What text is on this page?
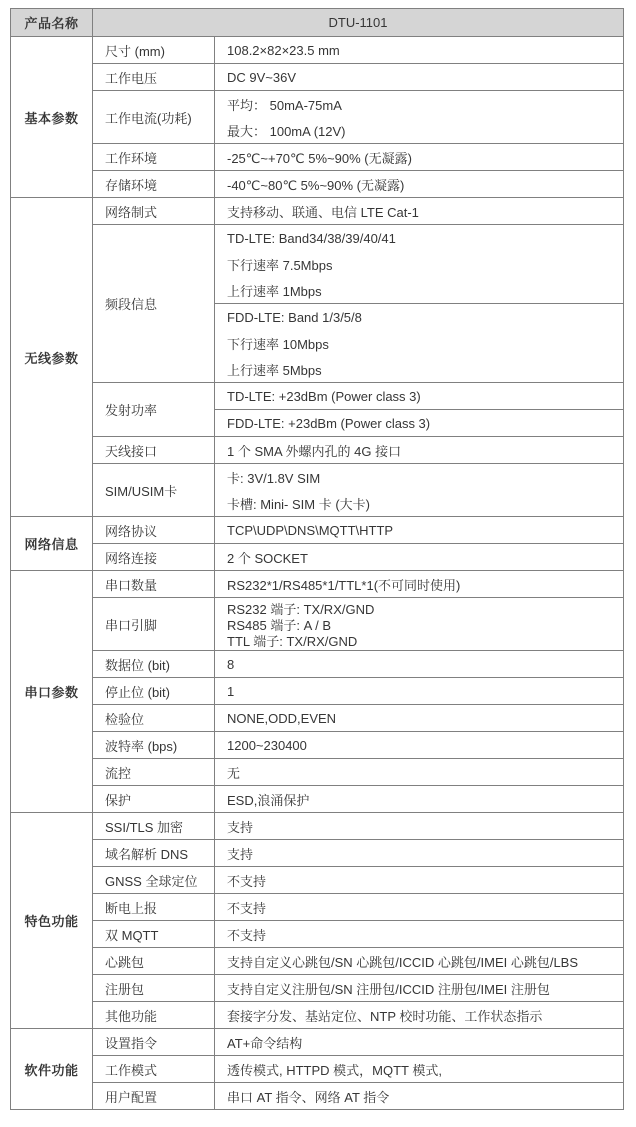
产品名称	DTU-1101	
基本参数	尺寸 (mm)	108.2×82×23.5 mm

	工作电压	DC 9V~36V

	工作电流(功耗)	平均： 50mA-75mA
最大： 100mA (12V)

	工作环境	-25℃~+70℃ 5%~90% (无凝露)

	存储环境	-40℃~80℃ 5%~90% (无凝露)

无线参数	网络制式	支持移动、联通、电信 LTE Cat-1

	频段信息	TD-LTE: Band34/38/39/40/41
下行速率 7.5Mbps
上行速率 1Mbps

FDD-LTE: Band 1/3/5/8
下行速率 10Mbps
上行速率 5Mbps

	发射功率	TD-LTE: +23dBm (Power class 3)

FDD-LTE: +23dBm (Power class 3)

	天线接口	1 个 SMA 外螺内孔的 4G 接口

	SIM/USIM卡	卡: 3V/1.8V SIM
卡槽: Mini- SIM 卡 (大卡)

网络信息	网络协议	TCP\UDP\DNS\MQTT\HTTP

	网络连接	2 个 SOCKET

串口参数	串口数量	RS232*1/RS485*1/TTL*1(不可同时使用)

	串口引脚	RS232 端子: TX/RX/GND
RS485 端子: A / B
TTL 端子: TX/RX/GND

	数据位 (bit)	8

	停止位 (bit)	1

	检验位	NONE,ODD,EVEN

	波特率 (bps)	1200~230400

	流控	无

	保护	ESD,浪涌保护

特色功能	SSI/TLS 加密	支持

	域名解析 DNS	支持

	GNSS 全球定位	不支持

	断电上报	不支持

	双 MQTT	不支持

	心跳包	支持自定义心跳包/SN 心跳包/ICCID 心跳包/IMEI 心跳包/LBS

	注册包	支持自定义注册包/SN 注册包/ICCID 注册包/IMEI 注册包

	其他功能	套接字分发、基站定位、NTP 校时功能、工作状态指示

软件功能	设置指令	AT+命令结构

	工作模式	透传模式, HTTPD 模式，MQTT 模式,

	用户配置	串口 AT 指令、网络 AT 指令
